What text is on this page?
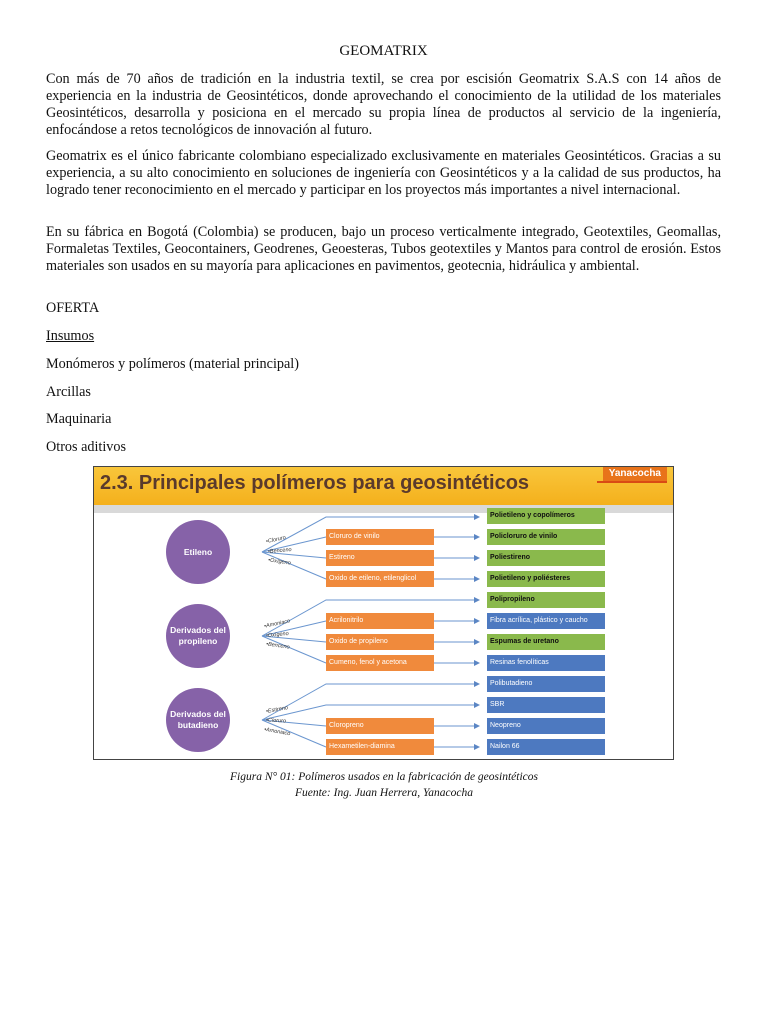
GEOMATRIX

Con más de 70 años de tradición en la industria textil, se crea por escisión Geomatrix S.A.S con 14 años de experiencia en la industria de Geosintéticos, donde aprovechando el conocimiento de la utilidad de los materiales Geosintéticos, desarrolla y posiciona en el mercado su propia línea de productos al servicio de la ingeniería, enfocándose a retos tecnológicos de innovación al futuro.

Geomatrix es el único fabricante colombiano especializado exclusivamente en materiales Geosintéticos. Gracias a su experiencia, a su alto conocimiento en soluciones de ingeniería con Geosintéticos y a la calidad de sus productos, ha logrado tener reconocimiento en el mercado y participar en los proyectos más importantes a nivel internacional.

En su fábrica en Bogotá (Colombia) se producen, bajo un proceso verticalmente integrado, Geotextiles, Geomallas, Formaletas Textiles, Geocontainers, Geodrenes, Geoesteras, Tubos geotextiles y Mantos para control de erosión. Estos materiales son usados en su mayoría para aplicaciones en pavimentos, geotecnia, hidráulica y ambiental.

OFERTA

Insumos

Monómeros y polímeros (material principal)

Arcillas

Maquinaria

Otros aditivos

2.3. Principales polímeros para geosintéticos	Yanacocha
Etileno
Derivados del propileno
Derivados del butadieno
•Cloruro
•Benceno
•Oxígeno
•Amoniaco
•Oxígeno
•Benceno
•Estireno
•Cloruro
•Amoniaco
Cloruro de vinilo
Estireno
Oxido de etileno, etilenglicol
Acrilonitrilo
Oxido de propileno
Cumeno, fenol y acetona
Cloropreno
Hexametilen-diamina
Polietileno y copolímeros
Policloruro de vinilo
Poliestireno
Polietileno y poliésteres
Polipropileno
Fibra acrílica, plástico y caucho
Espumas de uretano
Resinas fenolíticas
Polibutadieno
SBR
Neopreno
Nailon 66
Figura N° 01: Polímeros usados en la fabricación de geosintéticos
Fuente: Ing. Juan Herrera, Yanacocha
